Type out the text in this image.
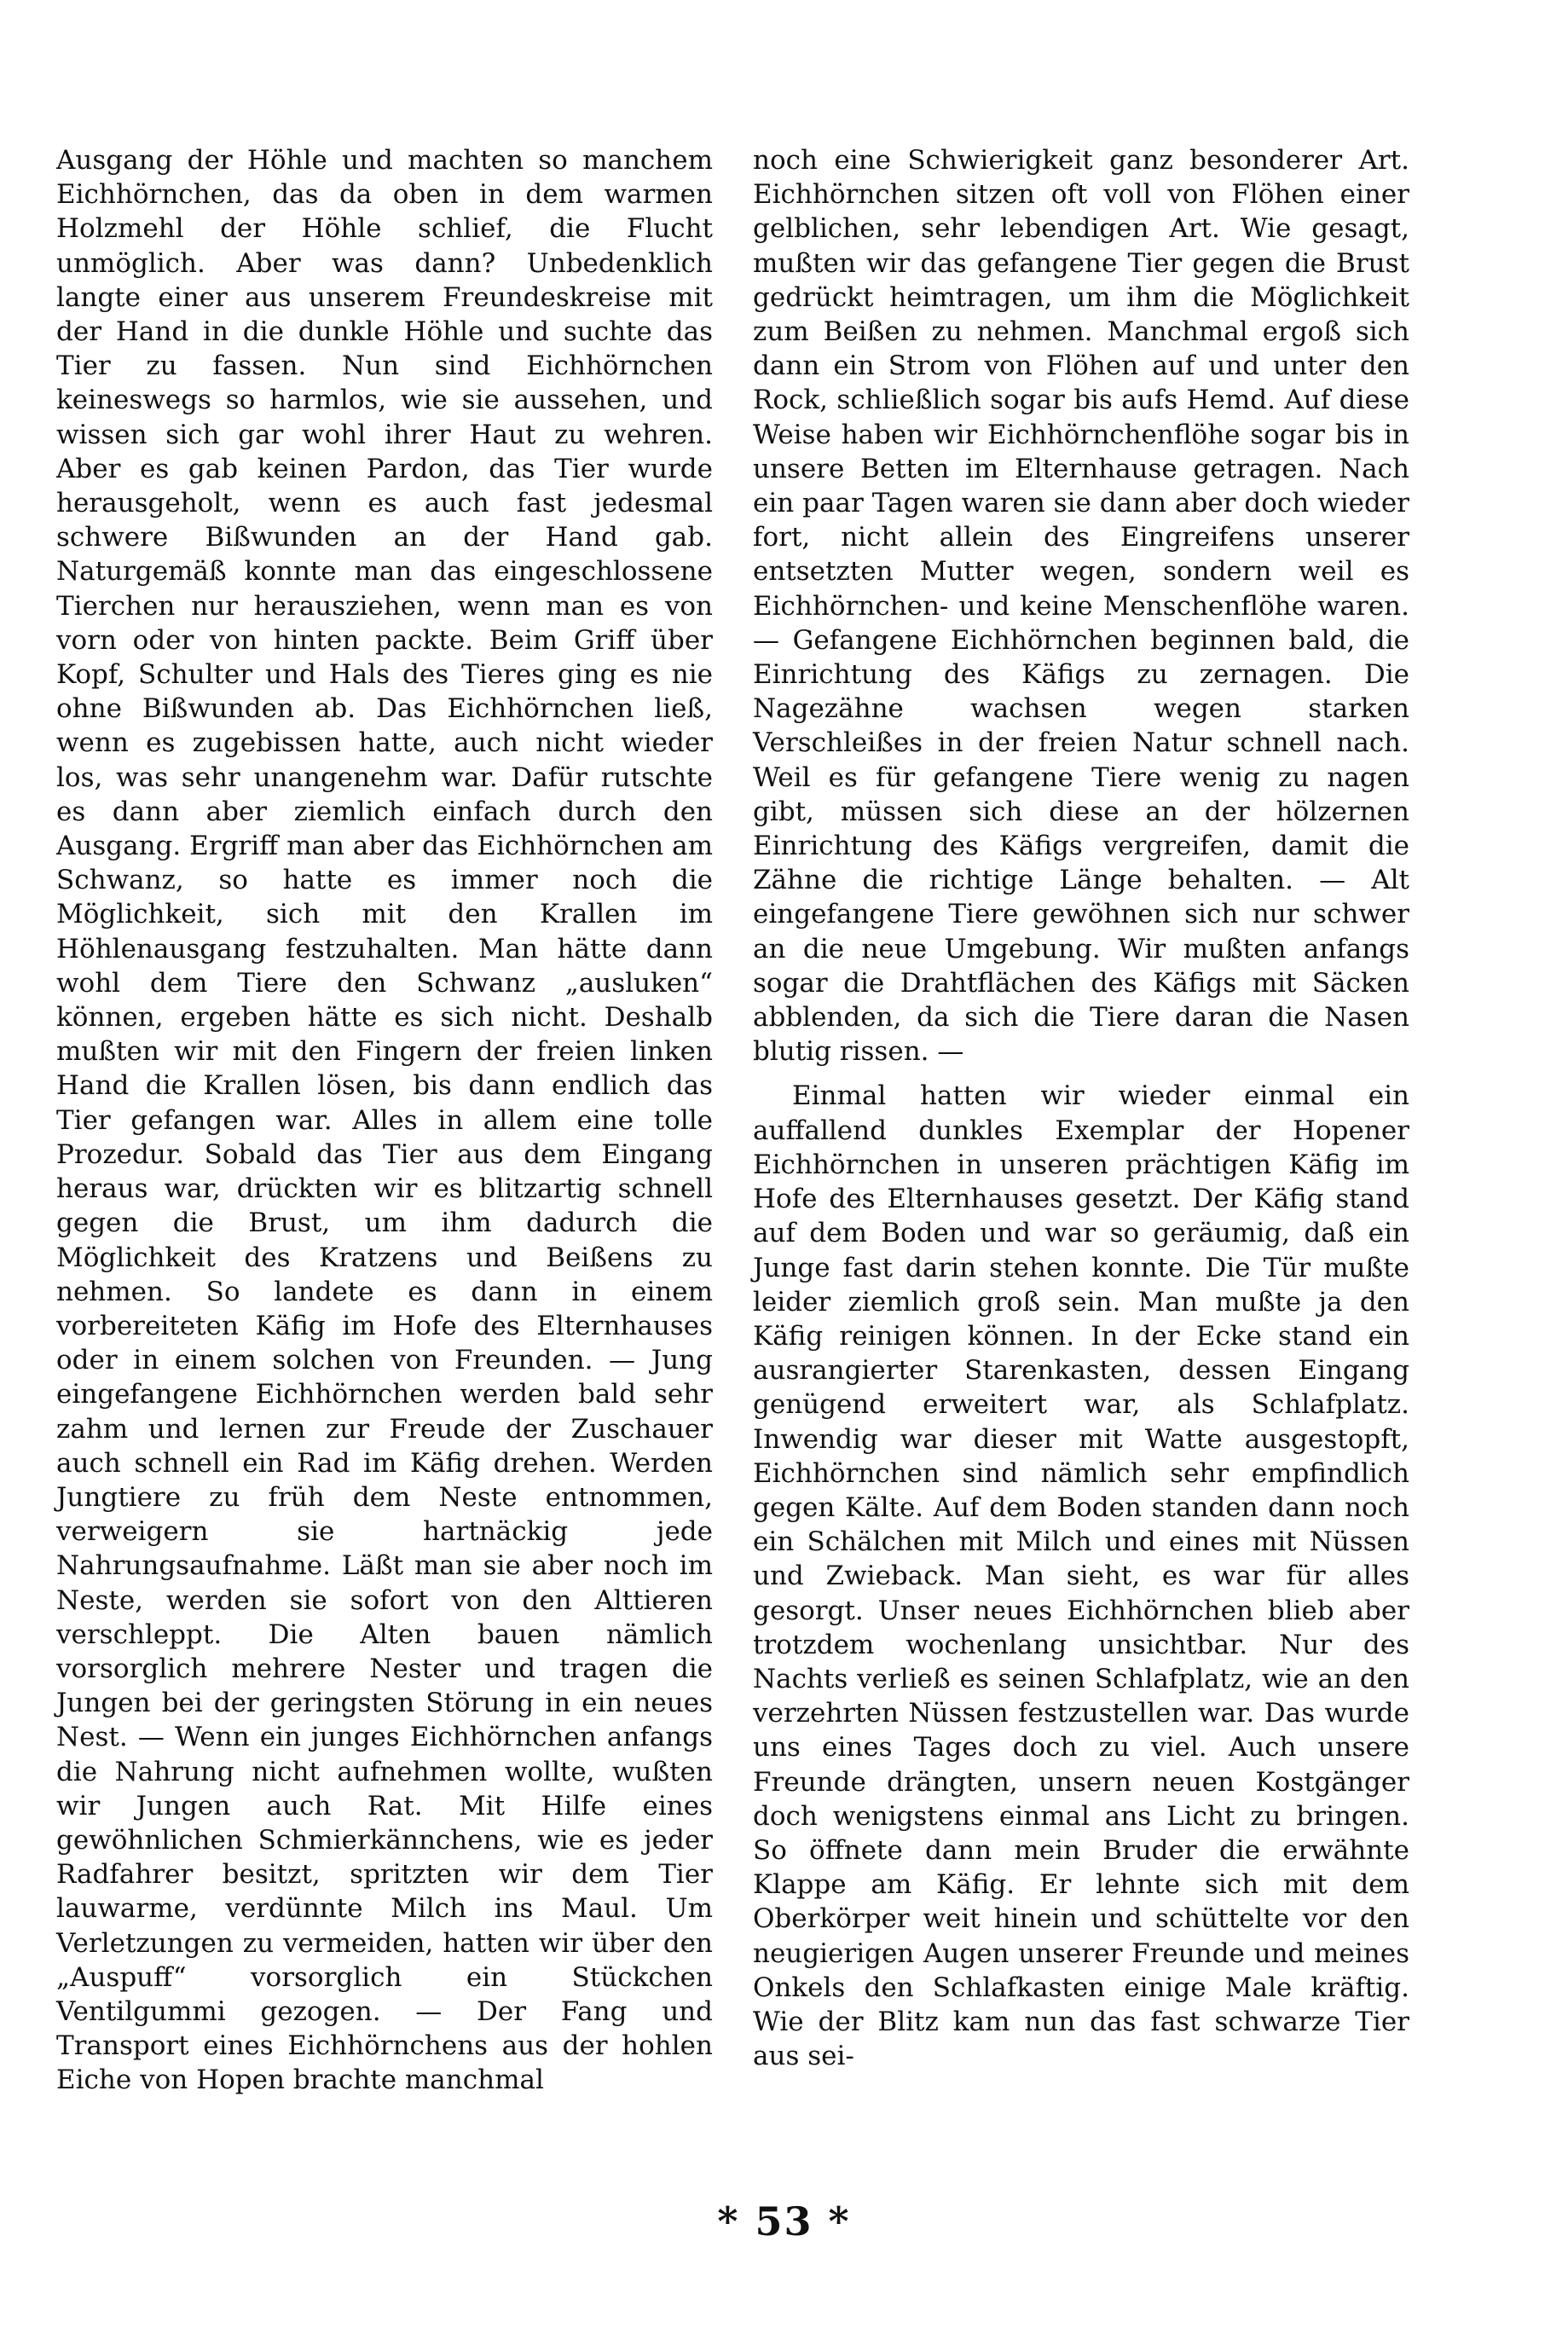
Ausgang der Höhle und machten so manchem Eichhörnchen, das da oben in dem warmen Holzmehl der Höhle schlief, die Flucht unmöglich. Aber was dann? Unbedenklich langte einer aus unserem Freundeskreise mit der Hand in die dunkle Höhle und suchte das Tier zu fassen. Nun sind Eichhörnchen keineswegs so harmlos, wie sie aussehen, und wissen sich gar wohl ihrer Haut zu wehren. Aber es gab keinen Pardon, das Tier wurde herausgeholt, wenn es auch fast jedesmal schwere Bißwunden an der Hand gab. Naturgemäß konnte man das eingeschlossene Tierchen nur herausziehen, wenn man es von vorn oder von hinten packte. Beim Griff über Kopf, Schulter und Hals des Tieres ging es nie ohne Bißwunden ab. Das Eichhörnchen ließ, wenn es zugebissen hatte, auch nicht wieder los, was sehr unangenehm war. Dafür rutschte es dann aber ziemlich einfach durch den Ausgang. Ergriff man aber das Eichhörnchen am Schwanz, so hatte es immer noch die Möglichkeit, sich mit den Krallen im Höhlenausgang festzuhalten. Man hätte dann wohl dem Tiere den Schwanz „ausluken“ können, ergeben hätte es sich nicht. Deshalb mußten wir mit den Fingern der freien linken Hand die Krallen lösen, bis dann endlich das Tier gefangen war. Alles in allem eine tolle Prozedur. Sobald das Tier aus dem Eingang heraus war, drückten wir es blitzartig schnell gegen die Brust, um ihm dadurch die Möglichkeit des Kratzens und Beißens zu nehmen. So landete es dann in einem vorbereiteten Käfig im Hofe des Elternhauses oder in einem solchen von Freunden. — Jung eingefangene Eichhörnchen werden bald sehr zahm und lernen zur Freude der Zuschauer auch schnell ein Rad im Käfig drehen. Werden Jungtiere zu früh dem Neste entnommen, verweigern sie hartnäckig jede Nahrungsaufnahme. Läßt man sie aber noch im Neste, werden sie sofort von den Alttieren verschleppt. Die Alten bauen nämlich vorsorglich mehrere Nester und tragen die Jungen bei der geringsten Störung in ein neues Nest. — Wenn ein junges Eichhörnchen anfangs die Nahrung nicht aufnehmen wollte, wußten wir Jungen auch Rat. Mit Hilfe eines gewöhnlichen Schmierkännchens, wie es jeder Radfahrer besitzt, spritzten wir dem Tier lauwarme, verdünnte Milch ins Maul. Um Verletzungen zu vermeiden, hatten wir über den „Auspuff“ vorsorglich ein Stückchen Ventilgummi gezogen. — Der Fang und Transport eines Eichhörnchens aus der hohlen Eiche von Hopen brachte manchmal

noch eine Schwierigkeit ganz besonderer Art. Eichhörnchen sitzen oft voll von Flöhen einer gelblichen, sehr lebendigen Art. Wie gesagt, mußten wir das gefangene Tier gegen die Brust gedrückt heimtragen, um ihm die Möglichkeit zum Beißen zu nehmen. Manchmal ergoß sich dann ein Strom von Flöhen auf und unter den Rock, schließlich sogar bis aufs Hemd. Auf diese Weise haben wir Eichhörnchenflöhe sogar bis in unsere Betten im Elternhause getragen. Nach ein paar Tagen waren sie dann aber doch wieder fort, nicht allein des Eingreifens unserer entsetzten Mutter wegen, sondern weil es Eichhörnchen- und keine Menschenflöhe waren. — Gefangene Eichhörnchen beginnen bald, die Einrichtung des Käfigs zu zernagen. Die Nagezähne wachsen wegen starken Verschleißes in der freien Natur schnell nach. Weil es für gefangene Tiere wenig zu nagen gibt, müssen sich diese an der hölzernen Einrichtung des Käfigs vergreifen, damit die Zähne die richtige Länge behalten. — Alt eingefangene Tiere gewöhnen sich nur schwer an die neue Umgebung. Wir mußten anfangs sogar die Drahtflächen des Käfigs mit Säcken abblenden, da sich die Tiere daran die Nasen blutig rissen. —

Einmal hatten wir wieder einmal ein auffallend dunkles Exemplar der Hopener Eichhörnchen in unseren prächtigen Käfig im Hofe des Elternhauses gesetzt. Der Käfig stand auf dem Boden und war so geräumig, daß ein Junge fast darin stehen konnte. Die Tür mußte leider ziemlich groß sein. Man mußte ja den Käfig reinigen können. In der Ecke stand ein ausrangierter Starenkasten, dessen Eingang genügend erweitert war, als Schlafplatz. Inwendig war dieser mit Watte ausgestopft, Eichhörnchen sind nämlich sehr empfindlich gegen Kälte. Auf dem Boden standen dann noch ein Schälchen mit Milch und eines mit Nüssen und Zwieback. Man sieht, es war für alles gesorgt. Unser neues Eichhörnchen blieb aber trotzdem wochenlang unsichtbar. Nur des Nachts verließ es seinen Schlafplatz, wie an den verzehrten Nüssen festzustellen war. Das wurde uns eines Tages doch zu viel. Auch unsere Freunde drängten, unsern neuen Kostgänger doch wenigstens einmal ans Licht zu bringen. So öffnete dann mein Bruder die erwähnte Klappe am Käfig. Er lehnte sich mit dem Oberkörper weit hinein und schüttelte vor den neugierigen Augen unserer Freunde und meines Onkels den Schlafkasten einige Male kräftig. Wie der Blitz kam nun das fast schwarze Tier aus sei-

* 53 *
